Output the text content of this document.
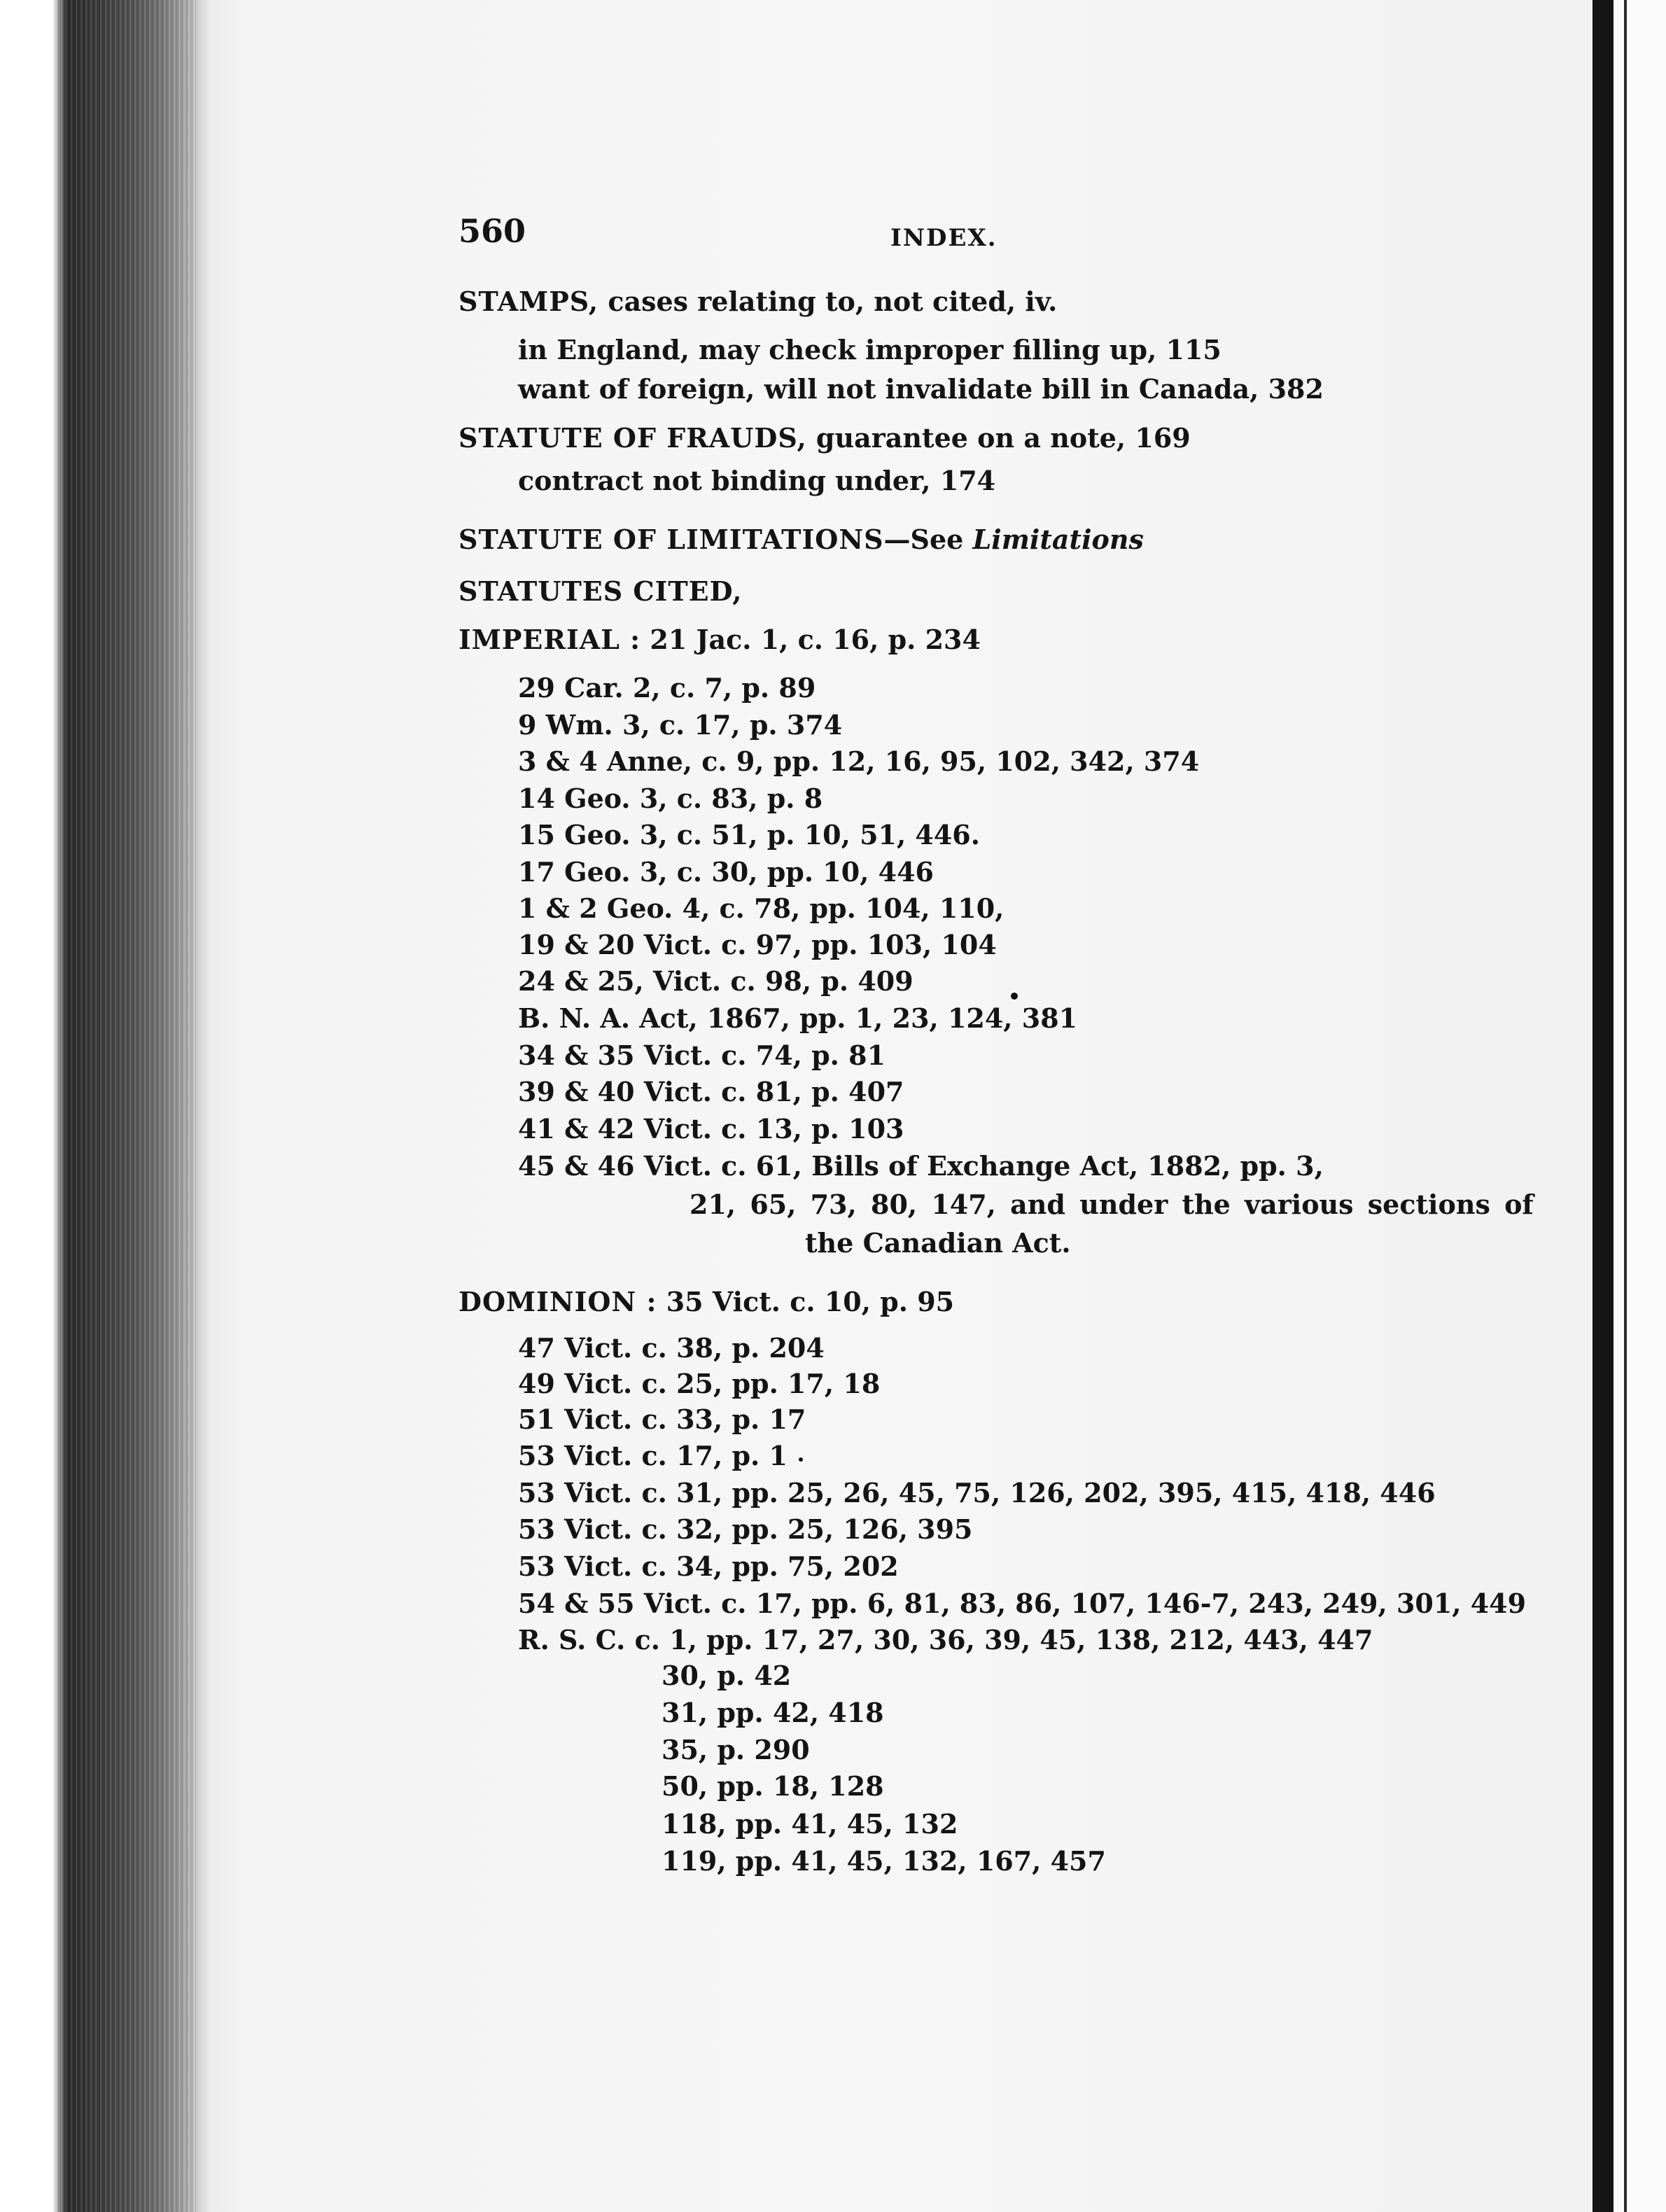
560	INDEX.
STAMPS, cases relating to, not cited, iv.
in England, may check improper filling up, 115
want of foreign, will not invalidate bill in Canada, 382
STATUTE OF FRAUDS, guarantee on a note, 169
contract not binding under, 174
STATUTE OF LIMITATIONS—See Limitations
STATUTES CITED,
IMPERIAL : 21 Jac. 1, c. 16, p. 234
29 Car. 2, c. 7, p. 89
9 Wm. 3, c. 17, p. 374
3 & 4 Anne, c. 9, pp. 12, 16, 95, 102, 342, 374
14 Geo. 3, c. 83, p. 8
15 Geo. 3, c. 51, p. 10, 51, 446.
17 Geo. 3, c. 30, pp. 10, 446
1 & 2 Geo. 4, c. 78, pp. 104, 110,
19 & 20 Vict. c. 97, pp. 103, 104
24 & 25, Vict. c. 98, p. 409
B. N. A. Act, 1867, pp. 1, 23, 124, 381
34 & 35 Vict. c. 74, p. 81
39 & 40 Vict. c. 81, p. 407
41 & 42 Vict. c. 13, p. 103
45 & 46 Vict. c. 61, Bills of Exchange Act, 1882, pp. 3,
21, 65, 73, 80, 147, and under the various sections of
the Canadian Act.
DOMINION : 35 Vict. c. 10, p. 95
47 Vict. c. 38, p. 204
49 Vict. c. 25, pp. 17, 18
51 Vict. c. 33, p. 17
53 Vict. c. 17, p. 1
53 Vict. c. 31, pp. 25, 26, 45, 75, 126, 202, 395, 415, 418, 446
53 Vict. c. 32, pp. 25, 126, 395
53 Vict. c. 34, pp. 75, 202
54 & 55 Vict. c. 17, pp. 6, 81, 83, 86, 107, 146-7, 243, 249, 301, 449
R. S. C. c. 1, pp. 17, 27, 30, 36, 39, 45, 138, 212, 443, 447
30, p. 42
31, pp. 42, 418
35, p. 290
50, pp. 18, 128
118, pp. 41, 45, 132
119, pp. 41, 45, 132, 167, 457
